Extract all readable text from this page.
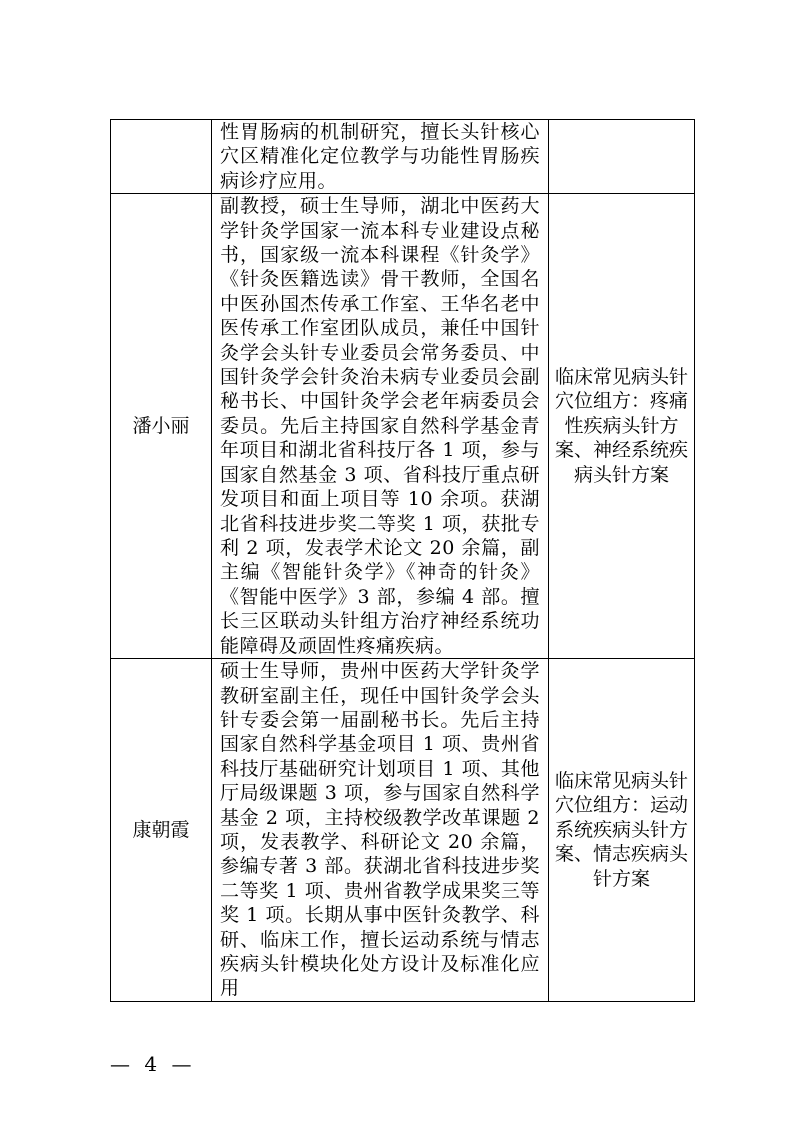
	性胃肠病的机制研究，擅长头针核心穴区精准化定位教学与功能性胃肠疾病诊疗应用。	

潘小丽	副教授，硕士生导师，湖北中医药大学针灸学国家一流本科专业建设点秘书，国家级一流本科课程《针灸学》《针灸医籍选读》骨干教师，全国名中医孙国杰传承工作室、王华名老中医传承工作室团队成员，兼任中国针灸学会头针专业委员会常务委员、中国针灸学会针灸治未病专业委员会副秘书长、中国针灸学会老年病委员会委员。先后主持国家自然科学基金青年项目和湖北省科技厅各 1 项，参与国家自然基金 3 项、省科技厅重点研发项目和面上项目等 10 余项。获湖北省科技进步奖二等奖 1 项，获批专利 2 项，发表学术论文 20 余篇，副主编《智能针灸学》《神奇的针灸》《智能中医学》3 部，参编 4 部。擅长三区联动头针组方治疗神经系统功能障碍及顽固性疼痛疾病。	临床常见病头针穴位组方：疼痛性疾病头针方案、神经系统疾病头针方案
康朝霞	硕士生导师，贵州中医药大学针灸学教研室副主任，现任中国针灸学会头针专委会第一届副秘书长。先后主持国家自然科学基金项目 1 项、贵州省科技厅基础研究计划项目 1 项、其他厅局级课题 3 项，参与国家自然科学基金 2 项，主持校级教学改革课题 2 项，发表教学、科研论文 20 余篇，参编专著 3 部。获湖北省科技进步奖二等奖 1 项、贵州省教学成果奖三等奖 1 项。长期从事中医针灸教学、科研、临床工作，擅长运动系统与情志疾病头针模块化处方设计及标准化应用	临床常见病头针穴位组方：运动系统疾病头针方案、情志疾病头针方案
— 4 —
